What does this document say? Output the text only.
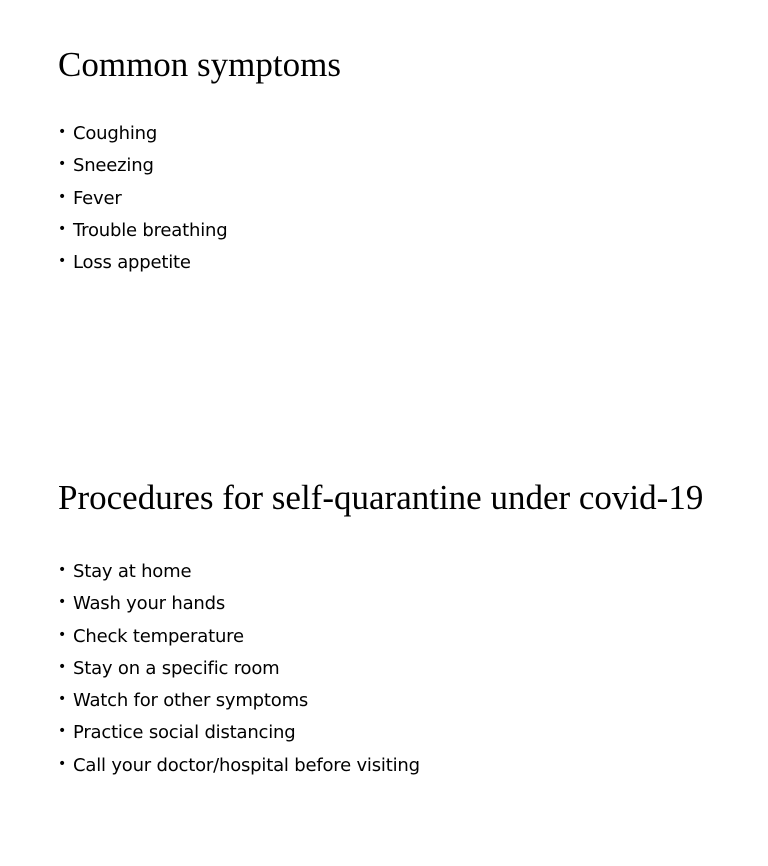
Common symptoms
• Coughing
• Sneezing
• Fever
• Trouble breathing
• Loss appetite
Procedures for self-quarantine under covid-19
• Stay at home
• Wash your hands
• Check temperature
• Stay on a specific room
• Watch for other symptoms
• Practice social distancing
• Call your doctor/hospital before visiting
